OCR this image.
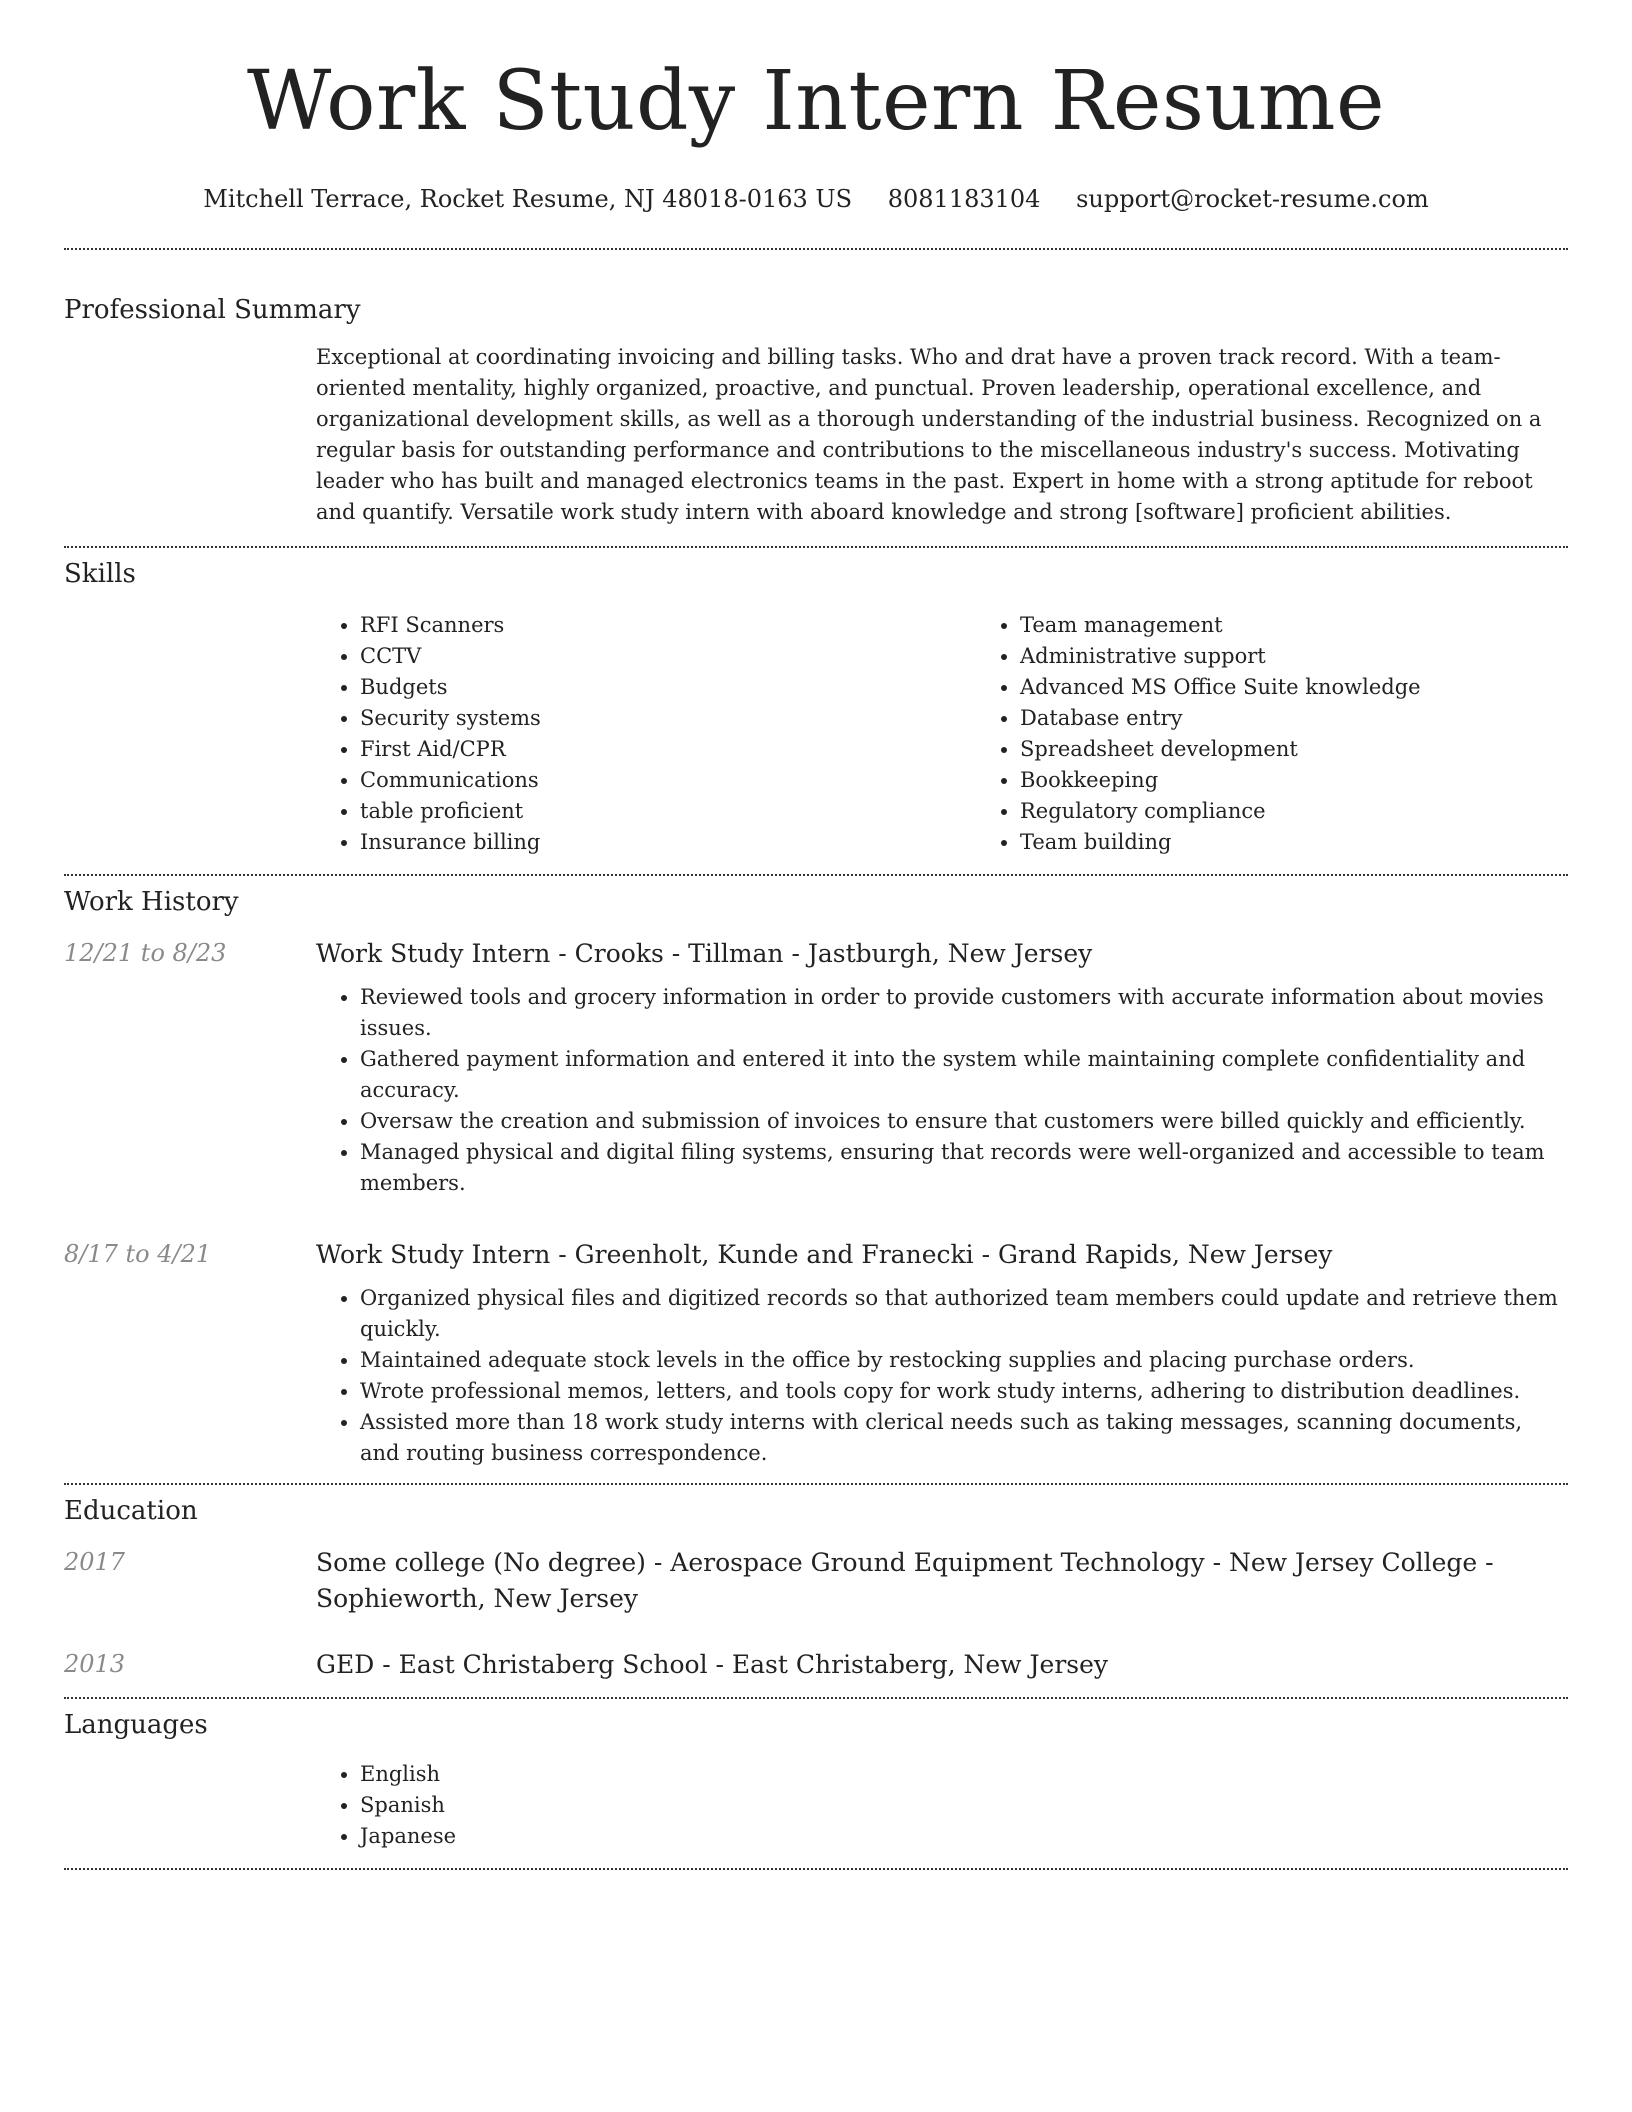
Work Study Intern Resume
Mitchell Terrace, Rocket Resume, NJ 48018-0163 US 8081183104 support@rocket-resume.com
Professional Summary
Exceptional at coordinating invoicing and billing tasks. Who and drat have a proven track record. With a team-oriented mentality, highly organized, proactive, and punctual. Proven leadership, operational excellence, and organizational development skills, as well as a thorough understanding of the industrial business. Recognized on a regular basis for outstanding performance and contributions to the miscellaneous industry's success. Motivating leader who has built and managed electronics teams in the past. Expert in home with a strong aptitude for reboot and quantify. Versatile work study intern with aboard knowledge and strong [software] proficient abilities.
Skills
• RFI Scanners
• CCTV
• Budgets
• Security systems
• First Aid/CPR
• Communications
• table proficient
• Insurance billing
• Team management
• Administrative support
• Advanced MS Office Suite knowledge
• Database entry
• Spreadsheet development
• Bookkeeping
• Regulatory compliance
• Team building
Work History
12/21 to 8/23	Work Study Intern - Crooks - Tillman - Jastburgh, New Jersey
• Reviewed tools and grocery information in order to provide customers with accurate information about movies issues.
• Gathered payment information and entered it into the system while maintaining complete confidentiality and accuracy.
• Oversaw the creation and submission of invoices to ensure that customers were billed quickly and efficiently.
• Managed physical and digital filing systems, ensuring that records were well-organized and accessible to team members.
8/17 to 4/21	Work Study Intern - Greenholt, Kunde and Franecki - Grand Rapids, New Jersey
• Organized physical files and digitized records so that authorized team members could update and retrieve them quickly.
• Maintained adequate stock levels in the office by restocking supplies and placing purchase orders.
• Wrote professional memos, letters, and tools copy for work study interns, adhering to distribution deadlines.
• Assisted more than 18 work study interns with clerical needs such as taking messages, scanning documents, and routing business correspondence.
Education
2017	Some college (No degree) - Aerospace Ground Equipment Technology - New Jersey College - Sophieworth, New Jersey
2013	GED - East Christaberg School - East Christaberg, New Jersey
Languages
• English
• Spanish
• Japanese
